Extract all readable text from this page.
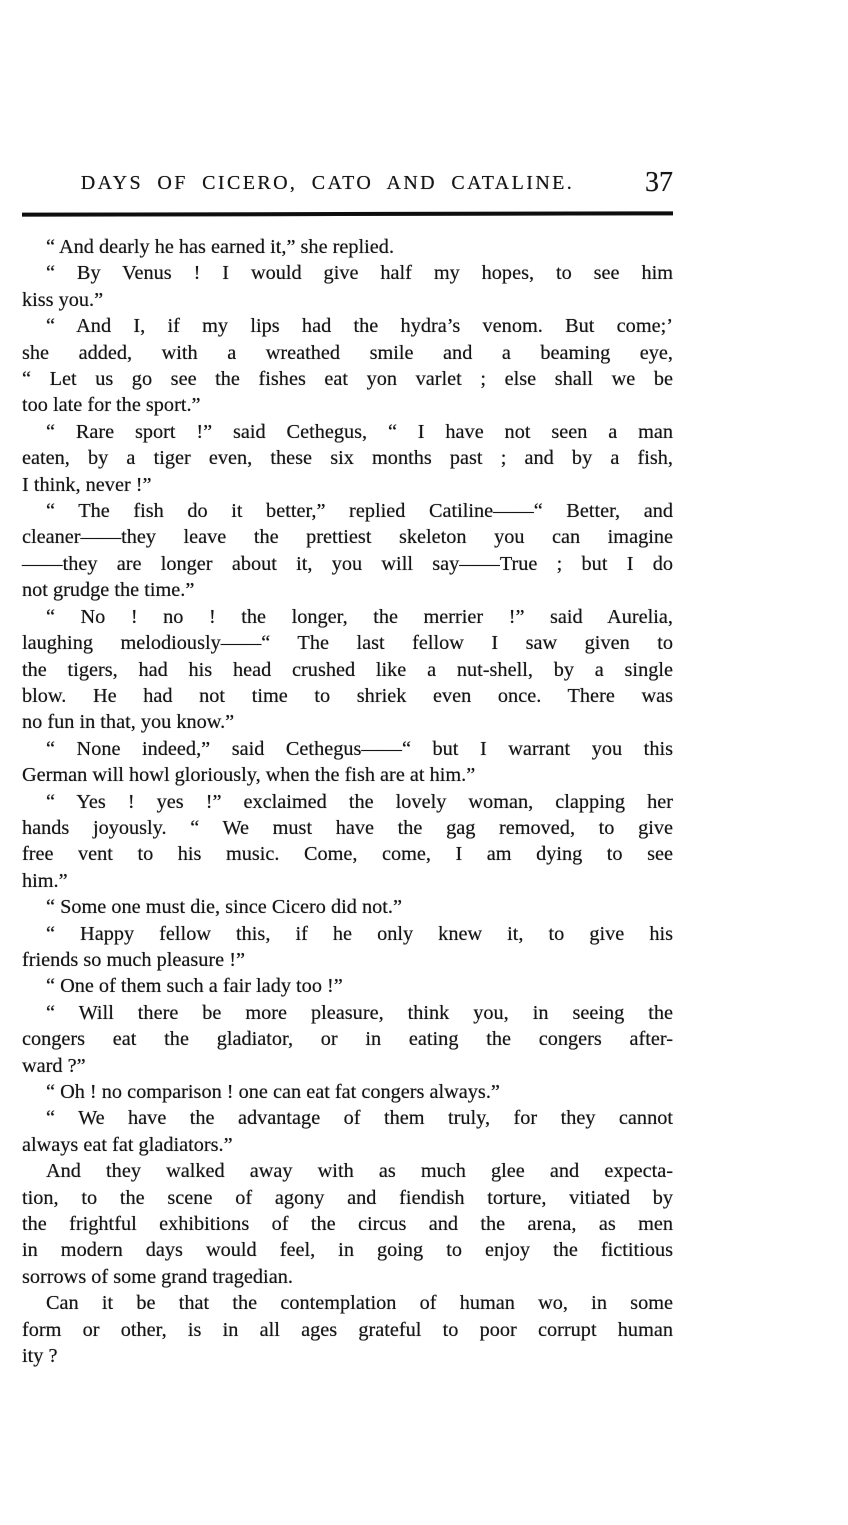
DAYS OF CICERO, CATO AND CATALINE.	37
“ And dearly he has earned it,” she replied.
“ By Venus ! I would give half my hopes, to see him
kiss you.”
“ And I, if my lips had the hydra’s venom. But come;’
she added, with a wreathed smile and a beaming eye,
“ Let us go see the fishes eat yon varlet ; else shall we be
too late for the sport.”
“ Rare sport !” said Cethegus, “ I have not seen a man
eaten, by a tiger even, these six months past ; and by a fish,
I think, never !”
“ The fish do it better,” replied Catiline——“ Better, and
cleaner——they leave the prettiest skeleton you can imagine
——they are longer about it, you will say——True ; but I do
not grudge the time.”
“ No ! no ! the longer, the merrier !” said Aurelia,
laughing melodiously——“ The last fellow I saw given to
the tigers, had his head crushed like a nut-shell, by a single
blow. He had not time to shriek even once. There was
no fun in that, you know.”
“ None indeed,” said Cethegus——“ but I warrant you this
German will howl gloriously, when the fish are at him.”
“ Yes ! yes !” exclaimed the lovely woman, clapping her
hands joyously. “ We must have the gag removed, to give
free vent to his music. Come, come, I am dying to see
him.”
“ Some one must die, since Cicero did not.”
“ Happy fellow this, if he only knew it, to give his
friends so much pleasure !”
“ One of them such a fair lady too !”
“ Will there be more pleasure, think you, in seeing the
congers eat the gladiator, or in eating the congers after-
ward ?”
“ Oh ! no comparison ! one can eat fat congers always.”
“ We have the advantage of them truly, for they cannot
always eat fat gladiators.”
And they walked away with as much glee and expecta-
tion, to the scene of agony and fiendish torture, vitiated by
the frightful exhibitions of the circus and the arena, as men
in modern days would feel, in going to enjoy the fictitious
sorrows of some grand tragedian.
Can it be that the contemplation of human wo, in some
form or other, is in all ages grateful to poor corrupt human
ity ?
